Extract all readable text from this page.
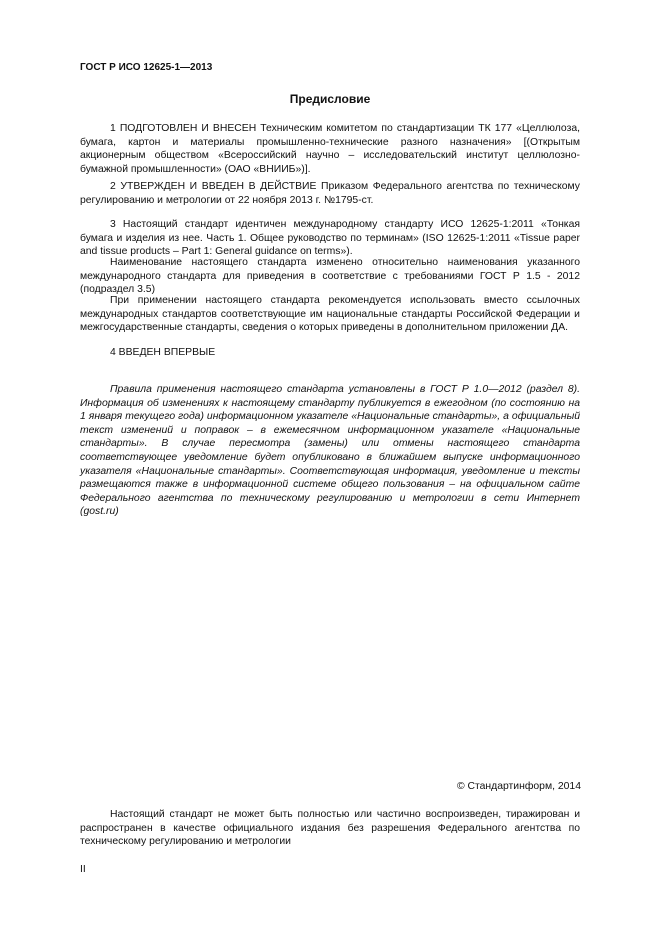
ГОСТ Р ИСО 12625-1—2013
Предисловие

1 ПОДГОТОВЛЕН И ВНЕСЕН Техническим комитетом по стандартизации ТК 177 «Целлюлоза, бумага, картон и материалы промышленно-технические разного назначения» [(Открытым акционерным обществом «Всероссийский научно – исследовательский институт целлюлозно-бумажной промышленности» (ОАО «ВНИИБ»)].

2 УТВЕРЖДЕН И ВВЕДЕН В ДЕЙСТВИЕ Приказом Федерального агентства по техническому регулированию и метрологии от 22 ноября 2013 г. №1795-ст.

3 Настоящий стандарт идентичен международному стандарту ИСО 12625-1:2011 «Тонкая бумага и изделия из нее. Часть 1. Общее руководство по терминам» (ISO 12625-1:2011 «Tissue paper and tissue products – Part 1: General guidance on terms»).

Наименование настоящего стандарта изменено относительно наименования указанного международного стандарта для приведения в соответствие с требованиями ГОСТ Р 1.5 - 2012 (подраздел 3.5)

При применении настоящего стандарта рекомендуется использовать вместо ссылочных международных стандартов соответствующие им национальные стандарты Российской Федерации и межгосударственные стандарты, сведения о которых приведены в дополнительном приложении ДА.

4 ВВЕДЕН ВПЕРВЫЕ

Правила применения настоящего стандарта установлены в ГОСТ Р 1.0—2012 (раздел 8). Информация об изменениях к настоящему стандарту публикуется в ежегодном (по состоянию на 1 января текущего года) информационном указателе «Национальные стандарты», а официальный текст изменений и поправок – в ежемесячном информационном указателе «Национальные стандарты». В случае пересмотра (замены) или отмены настоящего стандарта соответствующее уведомление будет опубликовано в ближайшем выпуске информационного указателя «Национальные стандарты». Соответствующая информация, уведомление и тексты размещаются также в информационной системе общего пользования – на официальном сайте Федерального агентства по техническому регулированию и метрологии в сети Интернет (gost.ru)

© Стандартинформ, 2014

Настоящий стандарт не может быть полностью или частично воспроизведен, тиражирован и распространен в качестве официального издания без разрешения Федерального агентства по техническому регулированию и метрологии

II
